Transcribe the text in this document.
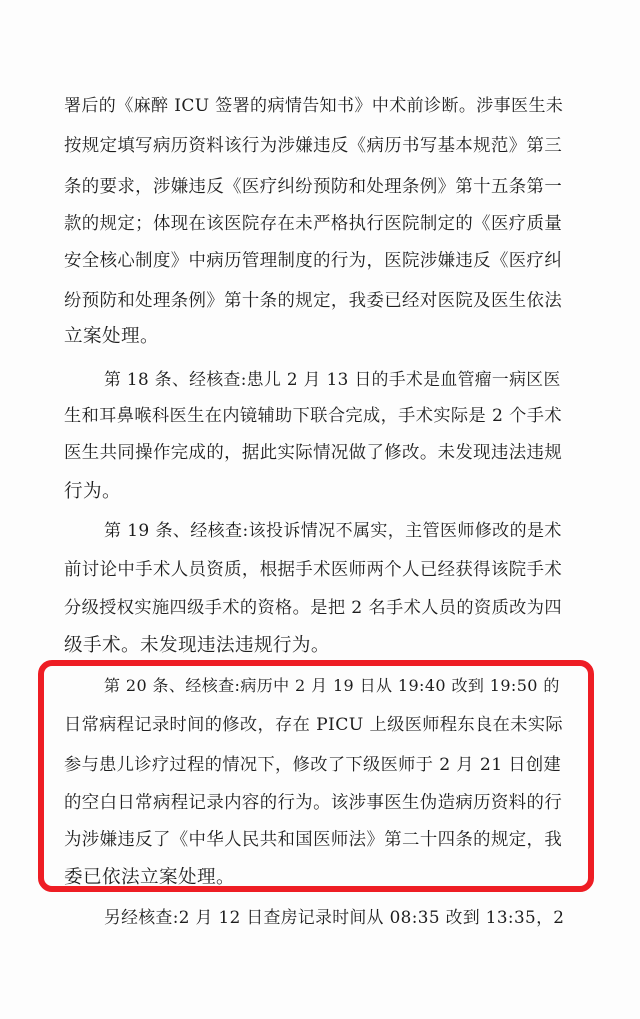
署后的《麻醉 ICU 签署的病情告知书》中术前诊断。涉事医生未
按规定填写病历资料该行为涉嫌违反《病历书写基本规范》第三
条的要求，涉嫌违反《医疗纠纷预防和处理条例》第十五条第一
款的规定；体现在该医院存在未严格执行医院制定的《医疗质量
安全核心制度》中病历管理制度的行为，医院涉嫌违反《医疗纠
纷预防和处理条例》第十条的规定，我委已经对医院及医生依法
立案处理。
第 18 条、经核查:患儿 2 月 13 日的手术是血管瘤一病区医
生和耳鼻喉科医生在内镜辅助下联合完成，手术实际是 2 个手术
医生共同操作完成的，据此实际情况做了修改。未发现违法违规
行为。
第 19 条、经核查:该投诉情况不属实，主管医师修改的是术
前讨论中手术人员资质，根据手术医师两个人已经获得该院手术
分级授权实施四级手术的资格。是把 2 名手术人员的资质改为四
级手术。未发现违法违规行为。
第 20 条、经核查:病历中 2 月 19 日从 19:40 改到 19:50 的
日常病程记录时间的修改，存在 PICU 上级医师程东良在未实际
参与患儿诊疗过程的情况下，修改了下级医师于 2 月 21 日创建
的空白日常病程记录内容的行为。该涉事医生伪造病历资料的行
为涉嫌违反了《中华人民共和国医师法》第二十四条的规定，我
委已依法立案处理。
另经核查:2 月 12 日查房记录时间从 08:35 改到 13:35，2
